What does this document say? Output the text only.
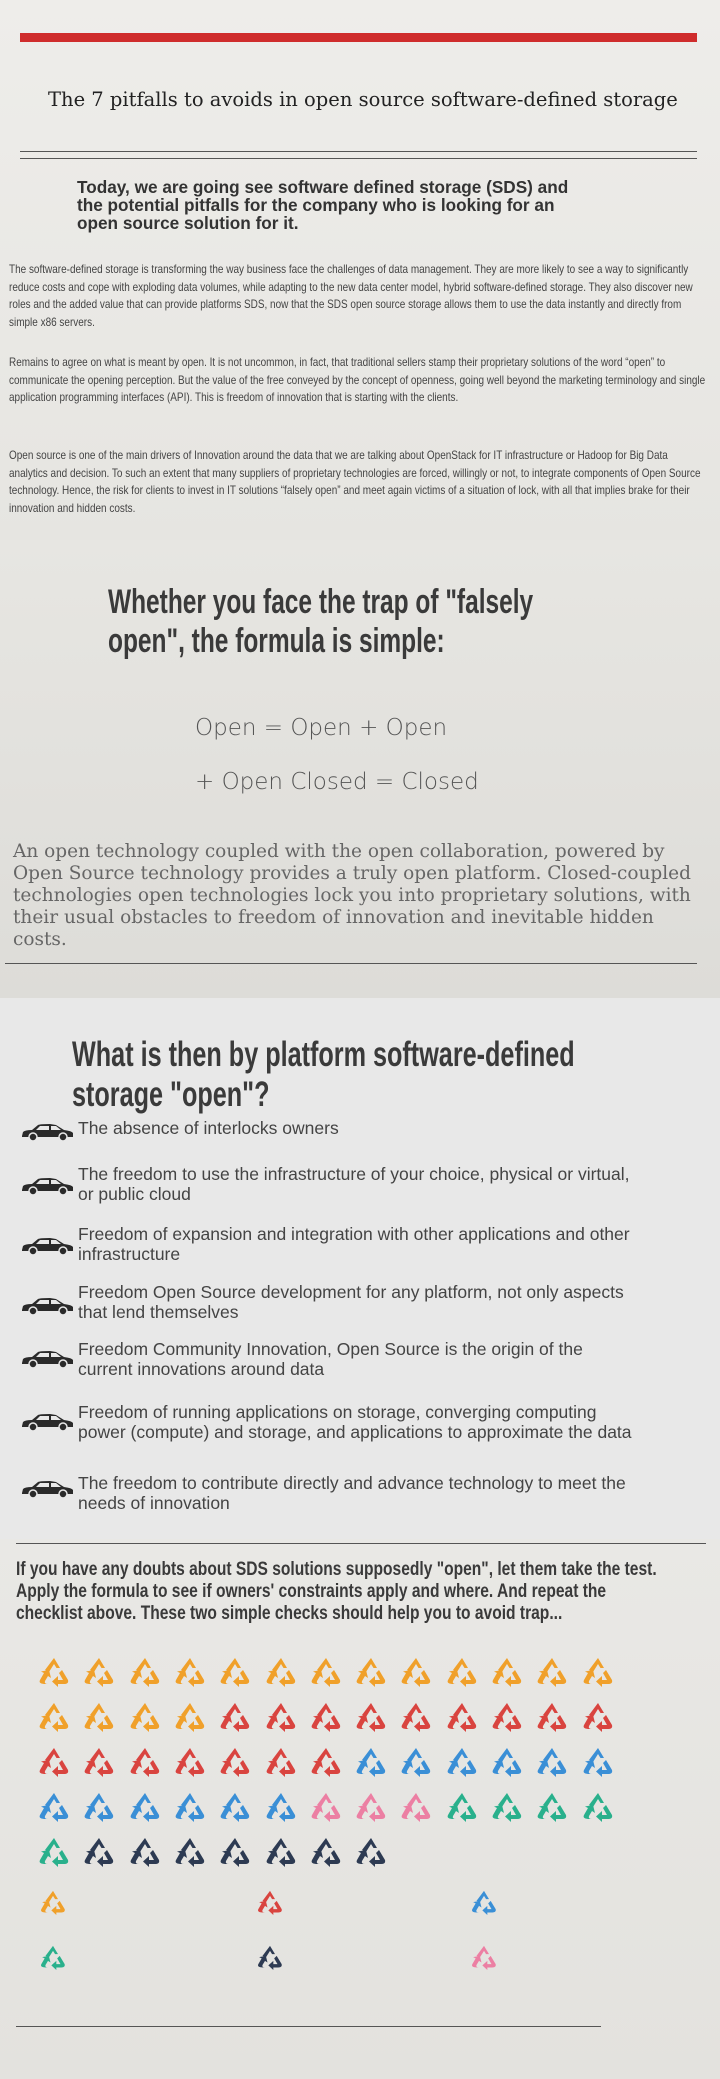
The 7 pitfalls to avoids in open source software-defined storage
Today, we are going see software defined storage (SDS) and the potential pitfalls for the company who is looking for an open source solution for it.
The software-defined storage is transforming the way business face the challenges of data management. They are more likely to see a way to significantly reduce costs and cope with exploding data volumes, while adapting to the new data center model, hybrid software-defined storage. They also discover new roles and the added value that can provide platforms SDS, now that the SDS open source storage allows them to use the data instantly and directly from simple x86 servers.
Remains to agree on what is meant by open. It is not uncommon, in fact, that traditional sellers stamp their proprietary solutions of the word “open” to communicate the opening perception. But the value of the free conveyed by the concept of openness, going well beyond the marketing terminology and single application programming interfaces (API). This is freedom of innovation that is starting with the clients.
Open source is one of the main drivers of Innovation around the data that we are talking about OpenStack for IT infrastructure or Hadoop for Big Data analytics and decision. To such an extent that many suppliers of proprietary technologies are forced, willingly or not, to integrate components of Open Source technology. Hence, the risk for clients to invest in IT solutions “falsely open” and meet again victims of a situation of lock, with all that implies brake for their innovation and hidden costs.
Whether you face the trap of "falsely open", the formula is simple:
Open = Open + Open
+ Open Closed = Closed
An open technology coupled with the open collaboration, powered by Open Source technology provides a truly open platform. Closed-coupled technologies open technologies lock you into proprietary solutions, with their usual obstacles to freedom of innovation and inevitable hidden costs.
What is then by platform software-defined storage "open"?
The absence of interlocks owners
The freedom to use the infrastructure of your choice, physical or virtual, or public cloud
Freedom of expansion and integration with other applications and other infrastructure
Freedom Open Source development for any platform, not only aspects that lend themselves
Freedom Community Innovation, Open Source is the origin of the current innovations around data
Freedom of running applications on storage, converging computing power (compute) and storage, and applications to approximate the data
The freedom to contribute directly and advance technology to meet the needs of innovation
If you have any doubts about SDS solutions supposedly "open", let them take the test. Apply the formula to see if owners' constraints apply and where. And repeat the checklist above. These two simple checks should help you to avoid trap...
